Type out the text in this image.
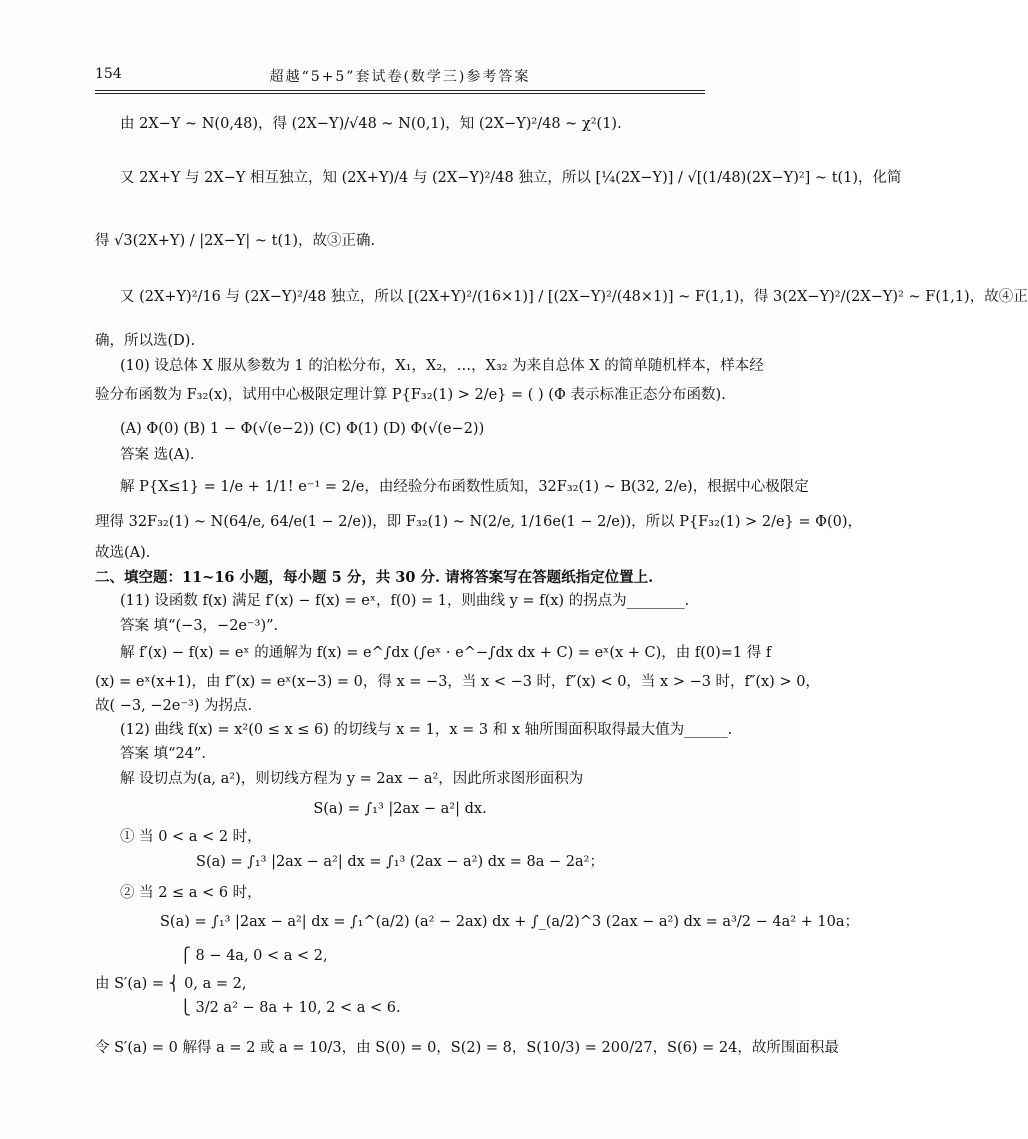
154	超越“5+5”套试卷(数学三)参考答案
由 2X−Y ~ N(0,48)，得 (2X−Y)/√48 ~ N(0,1)，知 (2X−Y)²/48 ~ χ²(1).
又 2X+Y 与 2X−Y 相互独立，知 (2X+Y)/4 与 (2X−Y)²/48 独立，所以 [¼(2X−Y)] / √[(1/48)(2X−Y)²] ~ t(1)，化简
得 √3(2X+Y) / |2X−Y| ~ t(1)，故③正确.
又 (2X+Y)²/16 与 (2X−Y)²/48 独立，所以 [(2X+Y)²/(16×1)] / [(2X−Y)²/(48×1)] ~ F(1,1)，得 3(2X−Y)²/(2X−Y)² ~ F(1,1)，故④正
确，所以选(D).
(10) 设总体 X 服从参数为 1 的泊松分布，X₁，X₂，…，X₃₂ 为来自总体 X 的简单随机样本，样本经
验分布函数为 F₃₂(x)，试用中心极限定理计算 P{F₃₂(1) > 2/e} = ( ) (Φ 表示标准正态分布函数).
(A) Φ(0) (B) 1 − Φ(√(e−2)) (C) Φ(1) (D) Φ(√(e−2))
答案 选(A).
解 P{X≤1} = 1/e + 1/1! e⁻¹ = 2/e，由经验分布函数性质知，32F₃₂(1) ~ B(32, 2/e)，根据中心极限定
理得 32F₃₂(1) ~ N(64/e, 64/e(1 − 2/e))，即 F₃₂(1) ~ N(2/e, 1/16e(1 − 2/e))，所以 P{F₃₂(1) > 2/e} = Φ(0)，
故选(A).
二、填空题：11~16 小题，每小题 5 分，共 30 分. 请将答案写在答题纸指定位置上.
(11) 设函数 f(x) 满足 f′(x) − f(x) = eˣ，f(0) = 1，则曲线 y = f(x) 的拐点为________.
答案 填“(−3，−2e⁻³)”.
解 f′(x) − f(x) = eˣ 的通解为 f(x) = e^∫dx (∫eˣ · e^−∫dx dx + C) = eˣ(x + C)，由 f(0)=1 得 f
(x) = eˣ(x+1)，由 f″(x) = eˣ(x−3) = 0，得 x = −3，当 x < −3 时，f″(x) < 0，当 x > −3 时，f″(x) > 0，
故( −3, −2e⁻³) 为拐点.
(12) 曲线 f(x) = x²(0 ≤ x ≤ 6) 的切线与 x = 1，x = 3 和 x 轴所围面积取得最大值为______.
答案 填“24”.
解 设切点为(a, a²)，则切线方程为 y = 2ax − a²，因此所求图形面积为
S(a) = ∫₁³ |2ax − a²| dx.
① 当 0 < a < 2 时，
S(a) = ∫₁³ |2ax − a²| dx = ∫₁³ (2ax − a²) dx = 8a − 2a²；
② 当 2 ≤ a < 6 时，
S(a) = ∫₁³ |2ax − a²| dx = ∫₁^(a/2) (a² − 2ax) dx + ∫_(a/2)^3 (2ax − a²) dx = a³/2 − 4a² + 10a；
⎧ 8 − 4a, 0 < a < 2,
由 S′(a) = ⎨ 0, a = 2,
⎩ 3/2 a² − 8a + 10, 2 < a < 6.
令 S′(a) = 0 解得 a = 2 或 a = 10/3，由 S(0) = 0，S(2) = 8，S(10/3) = 200/27，S(6) = 24，故所围面积最
